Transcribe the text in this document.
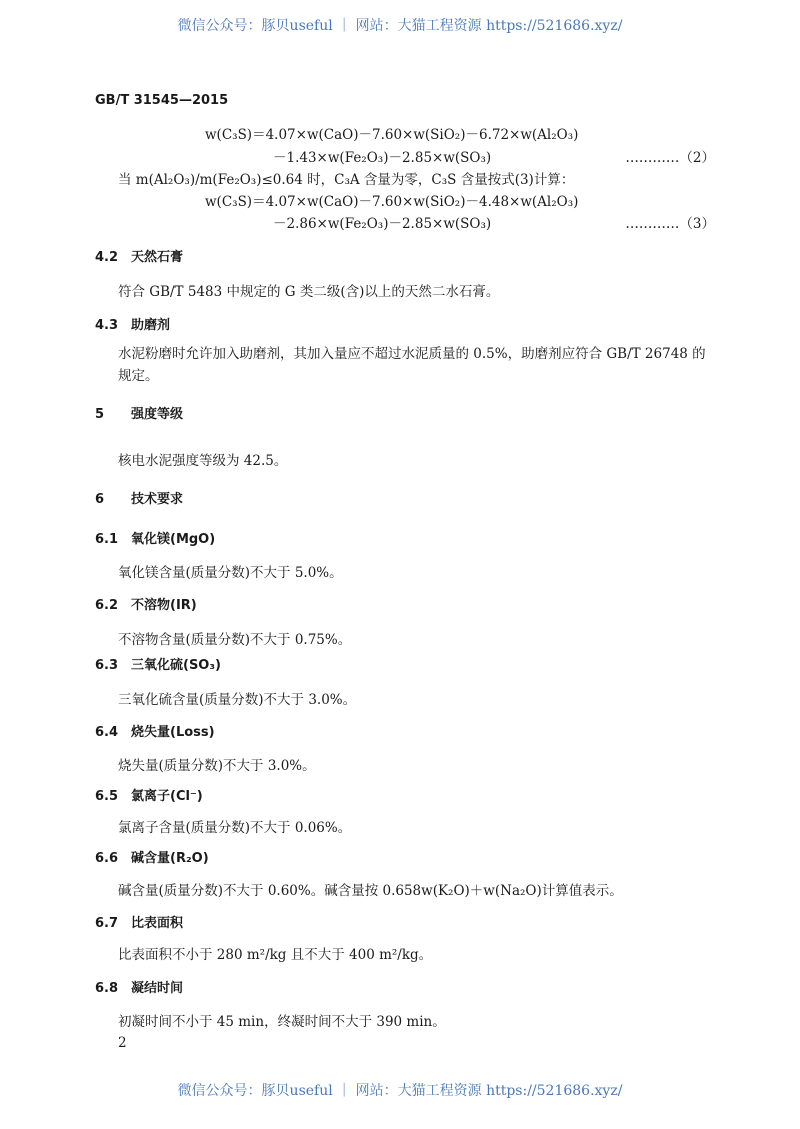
微信公众号：豚贝useful ｜ 网站：大猫工程资源 https://521686.xyz/
GB/T 31545—2015
w(C₃S)＝4.07×w(CaO)－7.60×w(SiO₂)－6.72×w(Al₂O₃)
－1.43×w(Fe₂O₃)－2.85×w(SO₃)	…………（2）
当 m(Al₂O₃)/m(Fe₂O₃)≤0.64 时，C₃A 含量为零，C₃S 含量按式(3)计算：
w(C₃S)＝4.07×w(CaO)－7.60×w(SiO₂)－4.48×w(Al₂O₃)
－2.86×w(Fe₂O₃)－2.85×w(SO₃)	…………（3）
4.2 天然石膏
符合 GB/T 5483 中规定的 G 类二级(含)以上的天然二水石膏。
4.3 助磨剂
水泥粉磨时允许加入助磨剂，其加入量应不超过水泥质量的 0.5%，助磨剂应符合 GB/T 26748 的
规定。
5 强度等级
核电水泥强度等级为 42.5。
6 技术要求
6.1 氧化镁(MgO)
氧化镁含量(质量分数)不大于 5.0%。
6.2 不溶物(IR)
不溶物含量(质量分数)不大于 0.75%。
6.3 三氧化硫(SO₃)
三氧化硫含量(质量分数)不大于 3.0%。
6.4 烧失量(Loss)
烧失量(质量分数)不大于 3.0%。
6.5 氯离子(Cl⁻)
氯离子含量(质量分数)不大于 0.06%。
6.6 碱含量(R₂O)
碱含量(质量分数)不大于 0.60%。碱含量按 0.658w(K₂O)＋w(Na₂O)计算值表示。
6.7 比表面积
比表面积不小于 280 m²/kg 且不大于 400 m²/kg。
6.8 凝结时间
初凝时间不小于 45 min，终凝时间不大于 390 min。
2
微信公众号：豚贝useful ｜ 网站：大猫工程资源 https://521686.xyz/
